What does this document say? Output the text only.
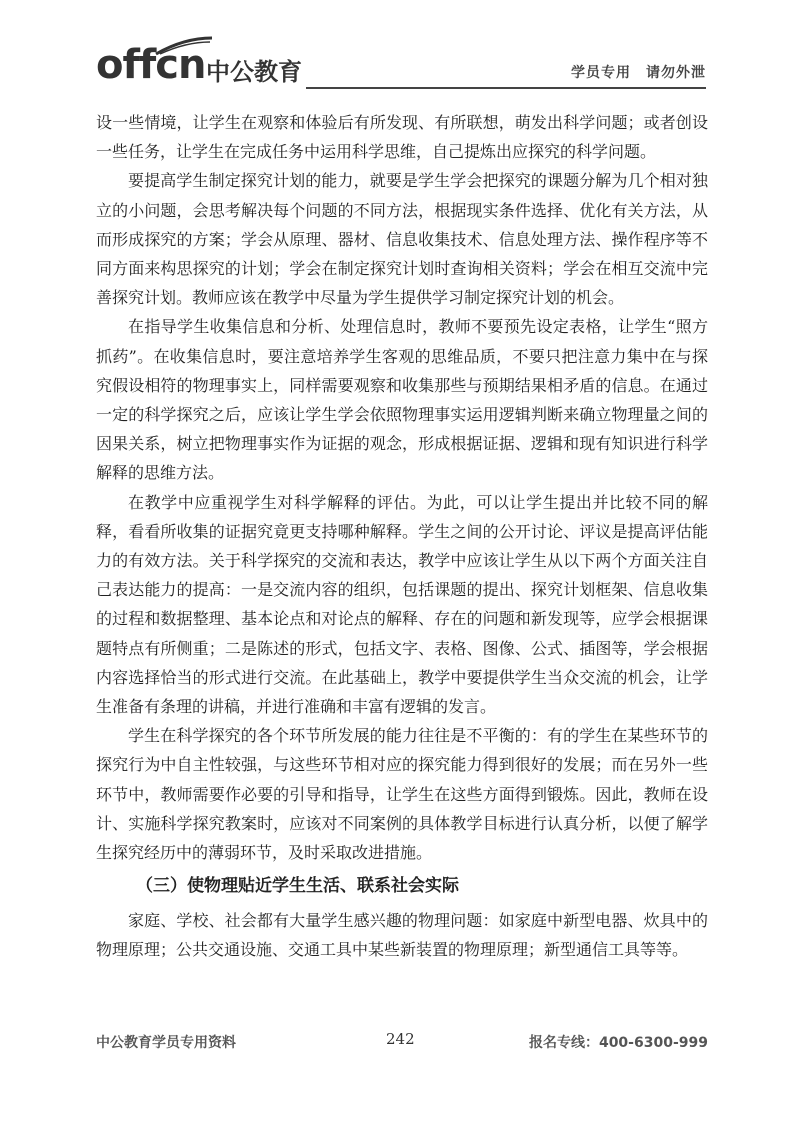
offcn 中公教育	学员专用　请勿外泄

设一些情境，让学生在观察和体验后有所发现、有所联想，萌发出科学问题；或者创设一些任务，让学生在完成任务中运用科学思维，自己提炼出应探究的科学问题。

要提高学生制定探究计划的能力，就要是学生学会把探究的课题分解为几个相对独立的小问题，会思考解决每个问题的不同方法，根据现实条件选择、优化有关方法，从而形成探究的方案；学会从原理、器材、信息收集技术、信息处理方法、操作程序等不同方面来构思探究的计划；学会在制定探究计划时查询相关资料；学会在相互交流中完善探究计划。教师应该在教学中尽量为学生提供学习制定探究计划的机会。

在指导学生收集信息和分析、处理信息时，教师不要预先设定表格，让学生“照方抓药”。在收集信息时，要注意培养学生客观的思维品质，不要只把注意力集中在与探究假设相符的物理事实上，同样需要观察和收集那些与预期结果相矛盾的信息。在通过一定的科学探究之后，应该让学生学会依照物理事实运用逻辑判断来确立物理量之间的因果关系，树立把物理事实作为证据的观念，形成根据证据、逻辑和现有知识进行科学解释的思维方法。

在教学中应重视学生对科学解释的评估。为此，可以让学生提出并比较不同的解释，看看所收集的证据究竟更支持哪种解释。学生之间的公开讨论、评议是提高评估能力的有效方法。关于科学探究的交流和表达，教学中应该让学生从以下两个方面关注自己表达能力的提高：一是交流内容的组织，包括课题的提出、探究计划框架、信息收集的过程和数据整理、基本论点和对论点的解释、存在的问题和新发现等，应学会根据课题特点有所侧重；二是陈述的形式，包括文字、表格、图像、公式、插图等，学会根据内容选择恰当的形式进行交流。在此基础上，教学中要提供学生当众交流的机会，让学生准备有条理的讲稿，并进行准确和丰富有逻辑的发言。

学生在科学探究的各个环节所发展的能力往往是不平衡的：有的学生在某些环节的探究行为中自主性较强，与这些环节相对应的探究能力得到很好的发展；而在另外一些环节中，教师需要作必要的引导和指导，让学生在这些方面得到锻炼。因此，教师在设计、实施科学探究教案时，应该对不同案例的具体教学目标进行认真分析，以便了解学生探究经历中的薄弱环节，及时采取改进措施。

（三）使物理贴近学生生活、联系社会实际

家庭、学校、社会都有大量学生感兴趣的物理问题：如家庭中新型电器、炊具中的物理原理；公共交通设施、交通工具中某些新装置的物理原理；新型通信工具等等。

中公教育学员专用资料	242	报名专线：400-6300-999
